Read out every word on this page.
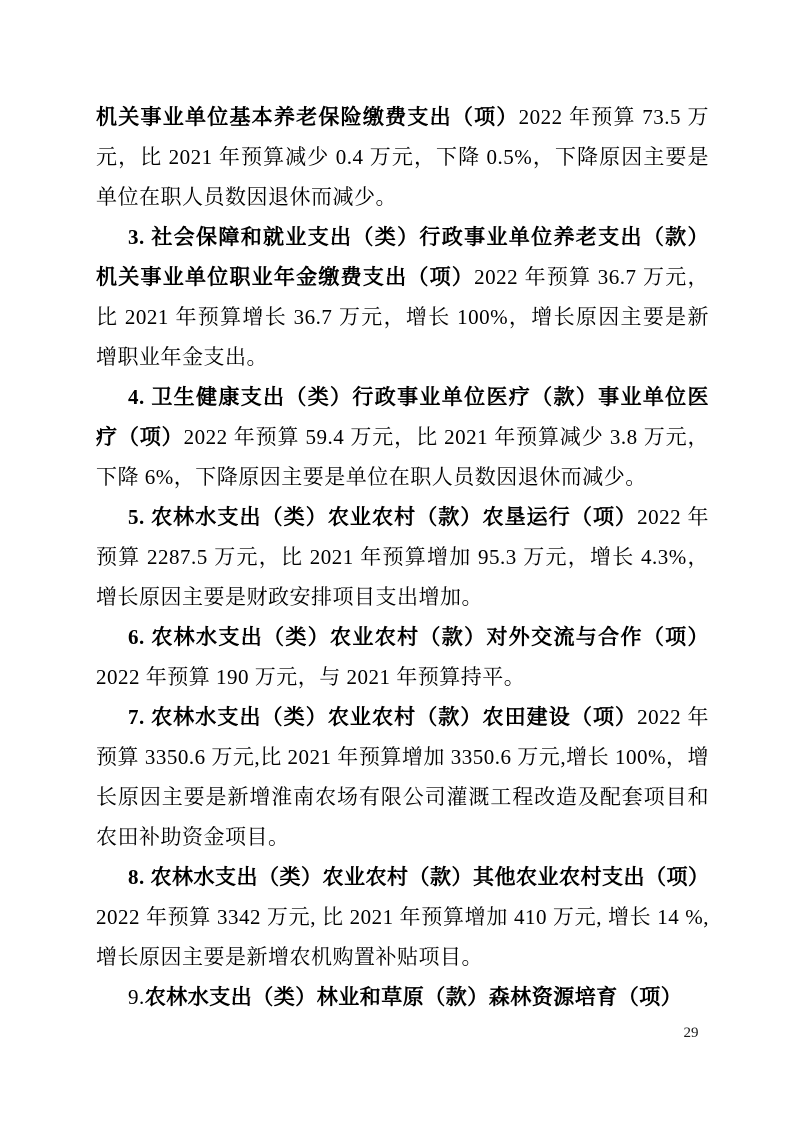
机关事业单位基本养老保险缴费支出（项）2022 年预算 73.5 万元，比 2021 年预算减少 0.4 万元，下降 0.5%，下降原因主要是单位在职人员数因退休而减少。

3. 社会保障和就业支出（类）行政事业单位养老支出（款）机关事业单位职业年金缴费支出（项）2022 年预算 36.7 万元，比 2021 年预算增长 36.7 万元，增长 100%，增长原因主要是新增职业年金支出。

4. 卫生健康支出（类）行政事业单位医疗（款）事业单位医疗（项）2022 年预算 59.4 万元，比 2021 年预算减少 3.8 万元，下降 6%，下降原因主要是单位在职人员数因退休而减少。

5. 农林水支出（类）农业农村（款）农垦运行（项）2022 年预算 2287.5 万元，比 2021 年预算增加 95.3 万元，增长 4.3%，增长原因主要是财政安排项目支出增加。

6. 农林水支出（类）农业农村（款）对外交流与合作（项）2022 年预算 190 万元，与 2021 年预算持平。

7. 农林水支出（类）农业农村（款）农田建设（项）2022 年预算 3350.6 万元,比 2021 年预算增加 3350.6 万元,增长 100%，增长原因主要是新增淮南农场有限公司灌溉工程改造及配套项目和农田补助资金项目。

8. 农林水支出（类）农业农村（款）其他农业农村支出（项）2022 年预算 3342 万元, 比 2021 年预算增加 410 万元, 增长 14 %, 增长原因主要是新增农机购置补贴项目。

9.农林水支出（类）林业和草原（款）森林资源培育（项）

29
